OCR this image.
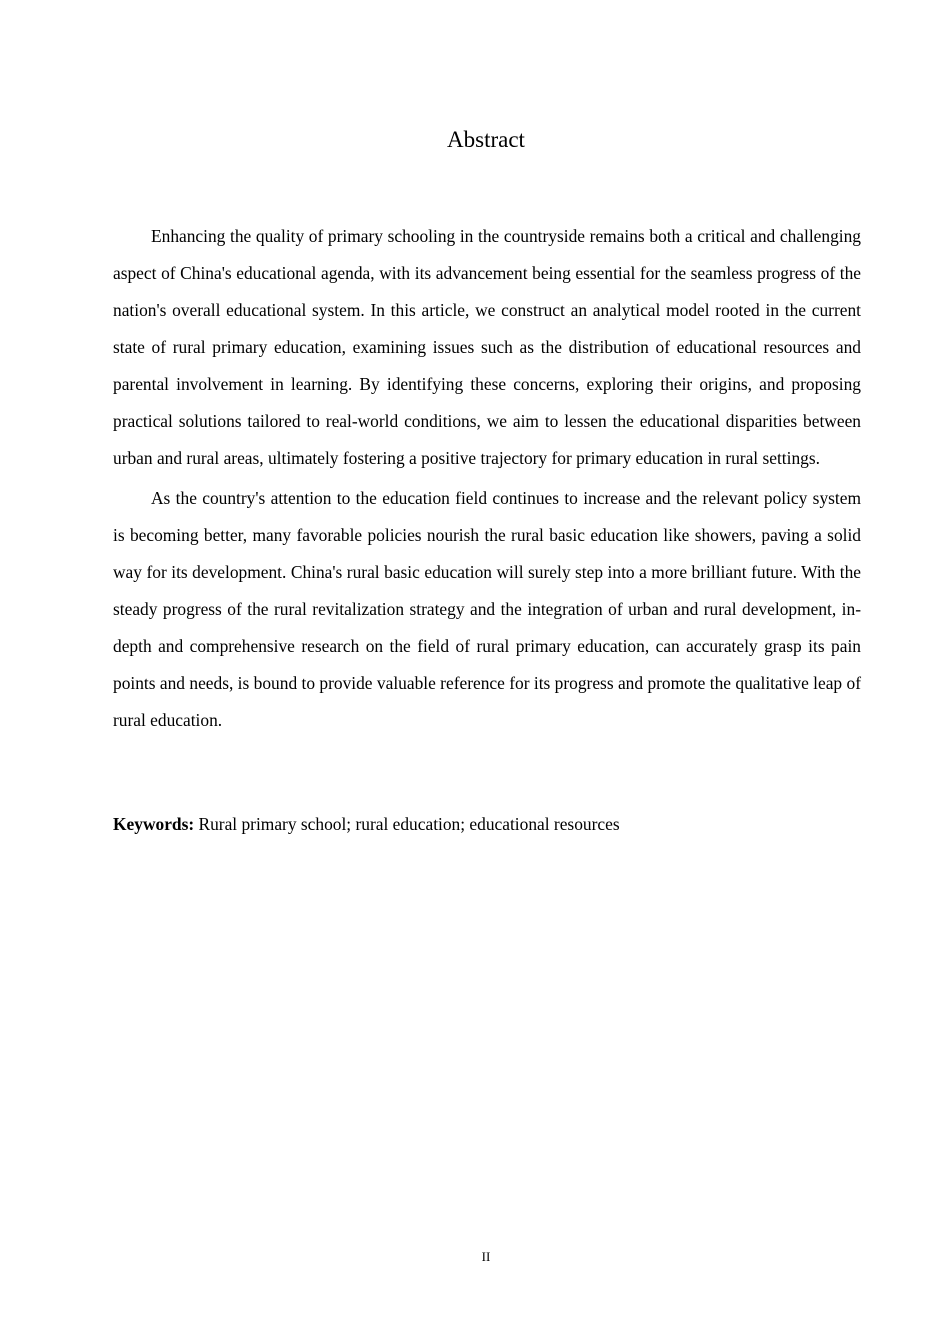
Abstract

Enhancing the quality of primary schooling in the countryside remains both a critical and challenging aspect of China's educational agenda, with its advancement being essential for the seamless progress of the nation's overall educational system. In this article, we construct an analytical model rooted in the current state of rural primary education, examining issues such as the distribution of educational resources and parental involvement in learning. By identifying these concerns, exploring their origins, and proposing practical solutions tailored to real-world conditions, we aim to lessen the educational disparities between urban and rural areas, ultimately fostering a positive trajectory for primary education in rural settings.

As the country's attention to the education field continues to increase and the relevant policy system is becoming better, many favorable policies nourish the rural basic education like showers, paving a solid way for its development. China's rural basic education will surely step into a more brilliant future. With the steady progress of the rural revitalization strategy and the integration of urban and rural development, in-depth and comprehensive research on the field of rural primary education, can accurately grasp its pain points and needs, is bound to provide valuable reference for its progress and promote the qualitative leap of rural education.

Keywords: Rural primary school; rural education; educational resources

II
